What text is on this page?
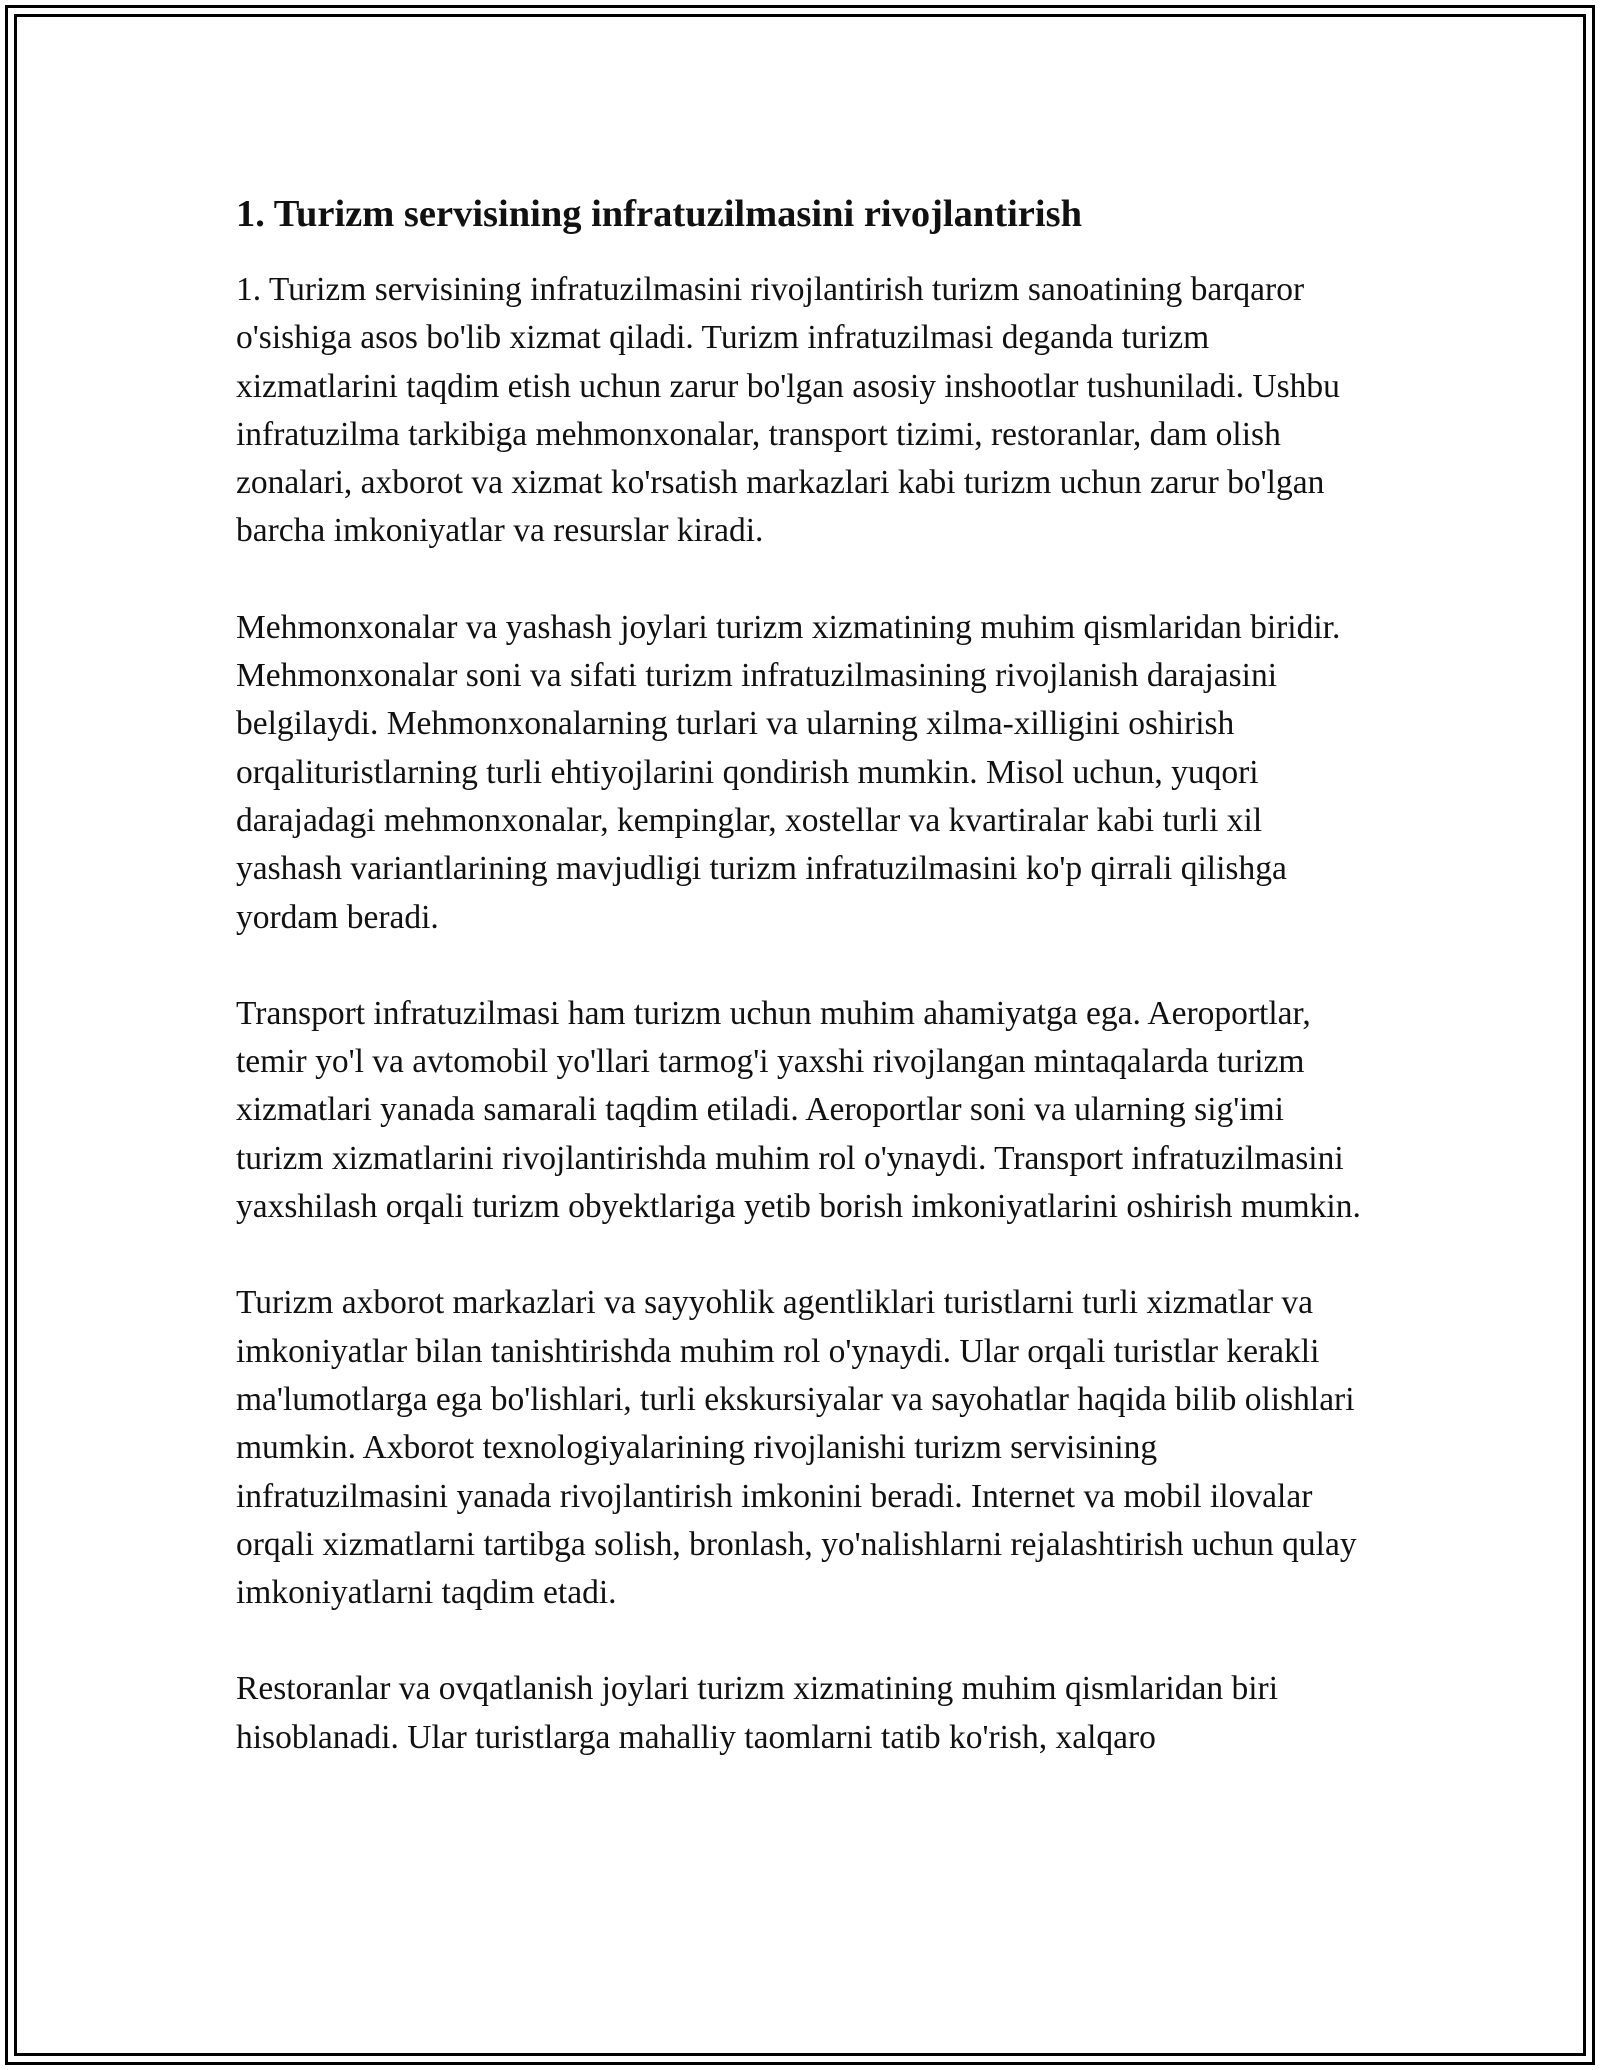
1. Turizm servisining infratuzilmasini rivojlantirish

1. Turizm servisining infratuzilmasini rivojlantirish turizm sanoatining barqaror o'sishiga asos bo'lib xizmat qiladi. Turizm infratuzilmasi deganda turizm xizmatlarini taqdim etish uchun zarur bo'lgan asosiy inshootlar tushuniladi. Ushbu infratuzilma tarkibiga mehmonxonalar, transport tizimi, restoranlar, dam olish zonalari, axborot va xizmat ko'rsatish markazlari kabi turizm uchun zarur bo'lgan barcha imkoniyatlar va resurslar kiradi.

Mehmonxonalar va yashash joylari turizm xizmatining muhim qismlaridan biridir. Mehmonxonalar soni va sifati turizm infratuzilmasining rivojlanish darajasini belgilaydi. Mehmonxonalarning turlari va ularning xilma-xilligini oshirish orqalituristlarning turli ehtiyojlarini qondirish mumkin. Misol uchun, yuqori darajadagi mehmonxonalar, kempinglar, xostellar va kvartiralar kabi turli xil yashash variantlarining mavjudligi turizm infratuzilmasini ko'p qirrali qilishga yordam beradi.

Transport infratuzilmasi ham turizm uchun muhim ahamiyatga ega. Aeroportlar, temir yo'l va avtomobil yo'llari tarmog'i yaxshi rivojlangan mintaqalarda turizm xizmatlari yanada samarali taqdim etiladi. Aeroportlar soni va ularning sig'imi turizm xizmatlarini rivojlantirishda muhim rol o'ynaydi. Transport infratuzilmasini yaxshilash orqali turizm obyektlariga yetib borish imkoniyatlarini oshirish mumkin.

Turizm axborot markazlari va sayyohlik agentliklari turistlarni turli xizmatlar va imkoniyatlar bilan tanishtirishda muhim rol o'ynaydi. Ular orqali turistlar kerakli ma'lumotlarga ega bo'lishlari, turli ekskursiyalar va sayohatlar haqida bilib olishlari mumkin. Axborot texnologiyalarining rivojlanishi turizm servisining infratuzilmasini yanada rivojlantirish imkonini beradi. Internet va mobil ilovalar orqali xizmatlarni tartibga solish, bronlash, yo'nalishlarni rejalashtirish uchun qulay imkoniyatlarni taqdim etadi.

Restoranlar va ovqatlanish joylari turizm xizmatining muhim qismlaridan biri hisoblanadi. Ular turistlarga mahalliy taomlarni tatib ko'rish, xalqaro
